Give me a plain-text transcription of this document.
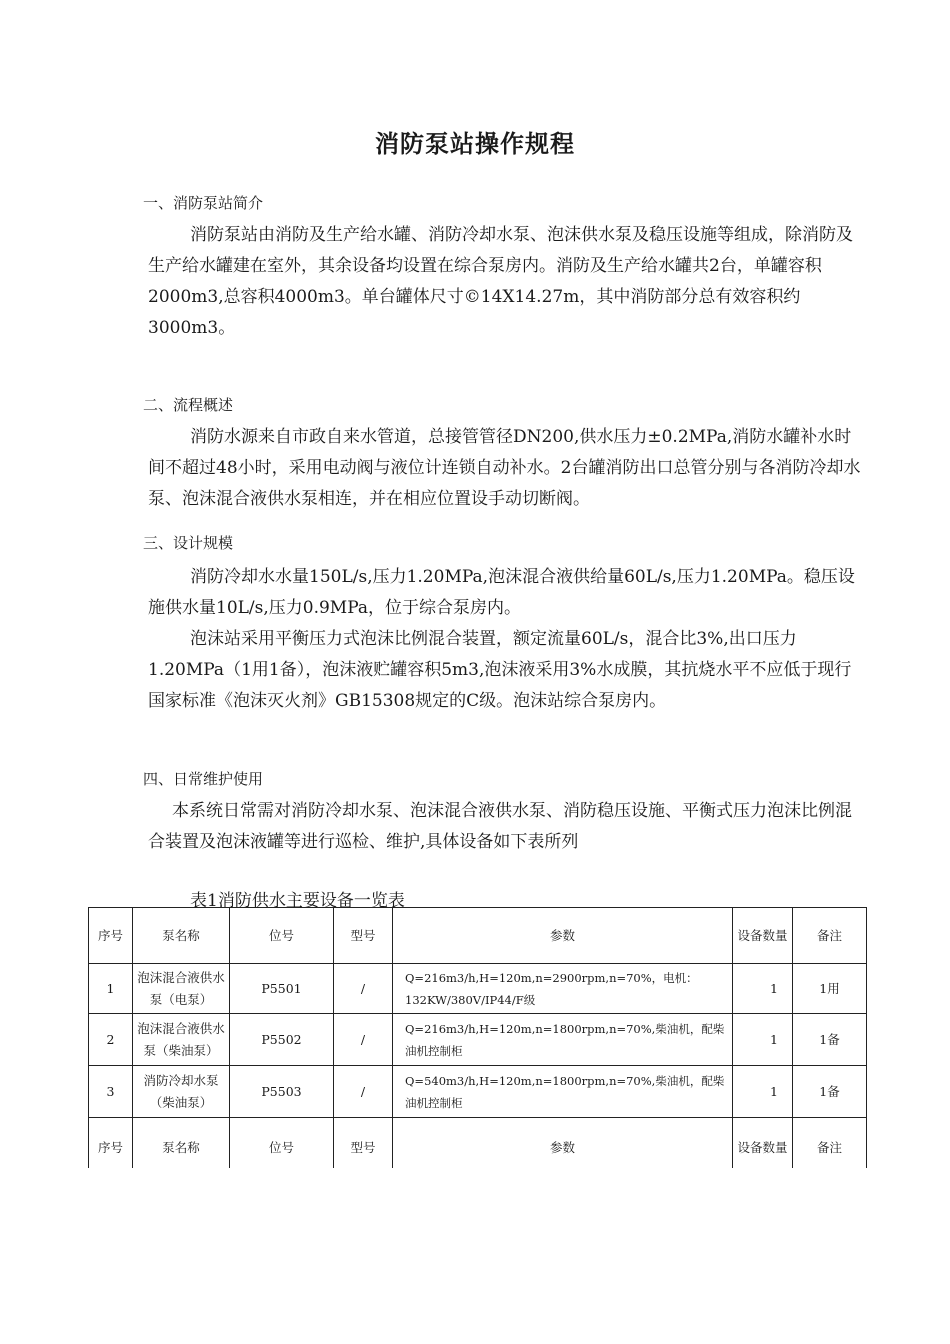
消防泵站操作规程
一、消防泵站简介

消防泵站由消防及生产给水罐、消防冷却水泵、泡沫供水泵及稳压设施等组成，除消防及生产给水罐建在室外，其余设备均设置在综合泵房内。消防及生产给水罐共2台，单罐容积2000m3,总容积4000m3。单台罐体尺寸©14X14.27m，其中消防部分总有效容积约3000m3。

二、流程概述

消防水源来自市政自来水管道，总接管管径DN200,供水压力±0.2MPa,消防水罐补水时间不超过48小时，采用电动阀与液位计连锁自动补水。2台罐消防出口总管分别与各消防冷却水泵、泡沫混合液供水泵相连，并在相应位置设手动切断阀。

三、设计规模

消防冷却水水量150L/s,压力1.20MPa,泡沫混合液供给量60L/s,压力1.20MPa。稳压设施供水量10L/s,压力0.9MPa，位于综合泵房内。

泡沫站采用平衡压力式泡沫比例混合装置，额定流量60L/s，混合比3%,出口压力1.20MPa（1用1备），泡沫液贮罐容积5m3,泡沫液采用3%水成膜，其抗烧水平不应低于现行国家标准《泡沫灭火剂》GB15308规定的C级。泡沫站综合泵房内。

四、日常维护使用

本系统日常需对消防冷却水泵、泡沫混合液供水泵、消防稳压设施、平衡式压力泡沫比例混合装置及泡沫液罐等进行巡检、维护,具体设备如下表所列

表1消防供水主要设备一览表
序号	泵名称	位号	型号	参数	设备数量	备注
1	泡沫混合液供水泵（电泵）	P5501	/	Q=216m3/h,H=120m,n=2900rpm,n=70%，电机：132KW/380V/IP44/F级	1	1用
2	泡沫混合液供水泵（柴油泵）	P5502	/	Q=216m3/h,H=120m,n=1800rpm,n=70%,柴油机，配柴油机控制柜	1	1备
3	消防冷却水泵（柴油泵）	P5503	/	Q=540m3/h,H=120m,n=1800rpm,n=70%,柴油机，配柴油机控制柜	1	1备
序号	泵名称	位号	型号	参数	设备数量	备注
